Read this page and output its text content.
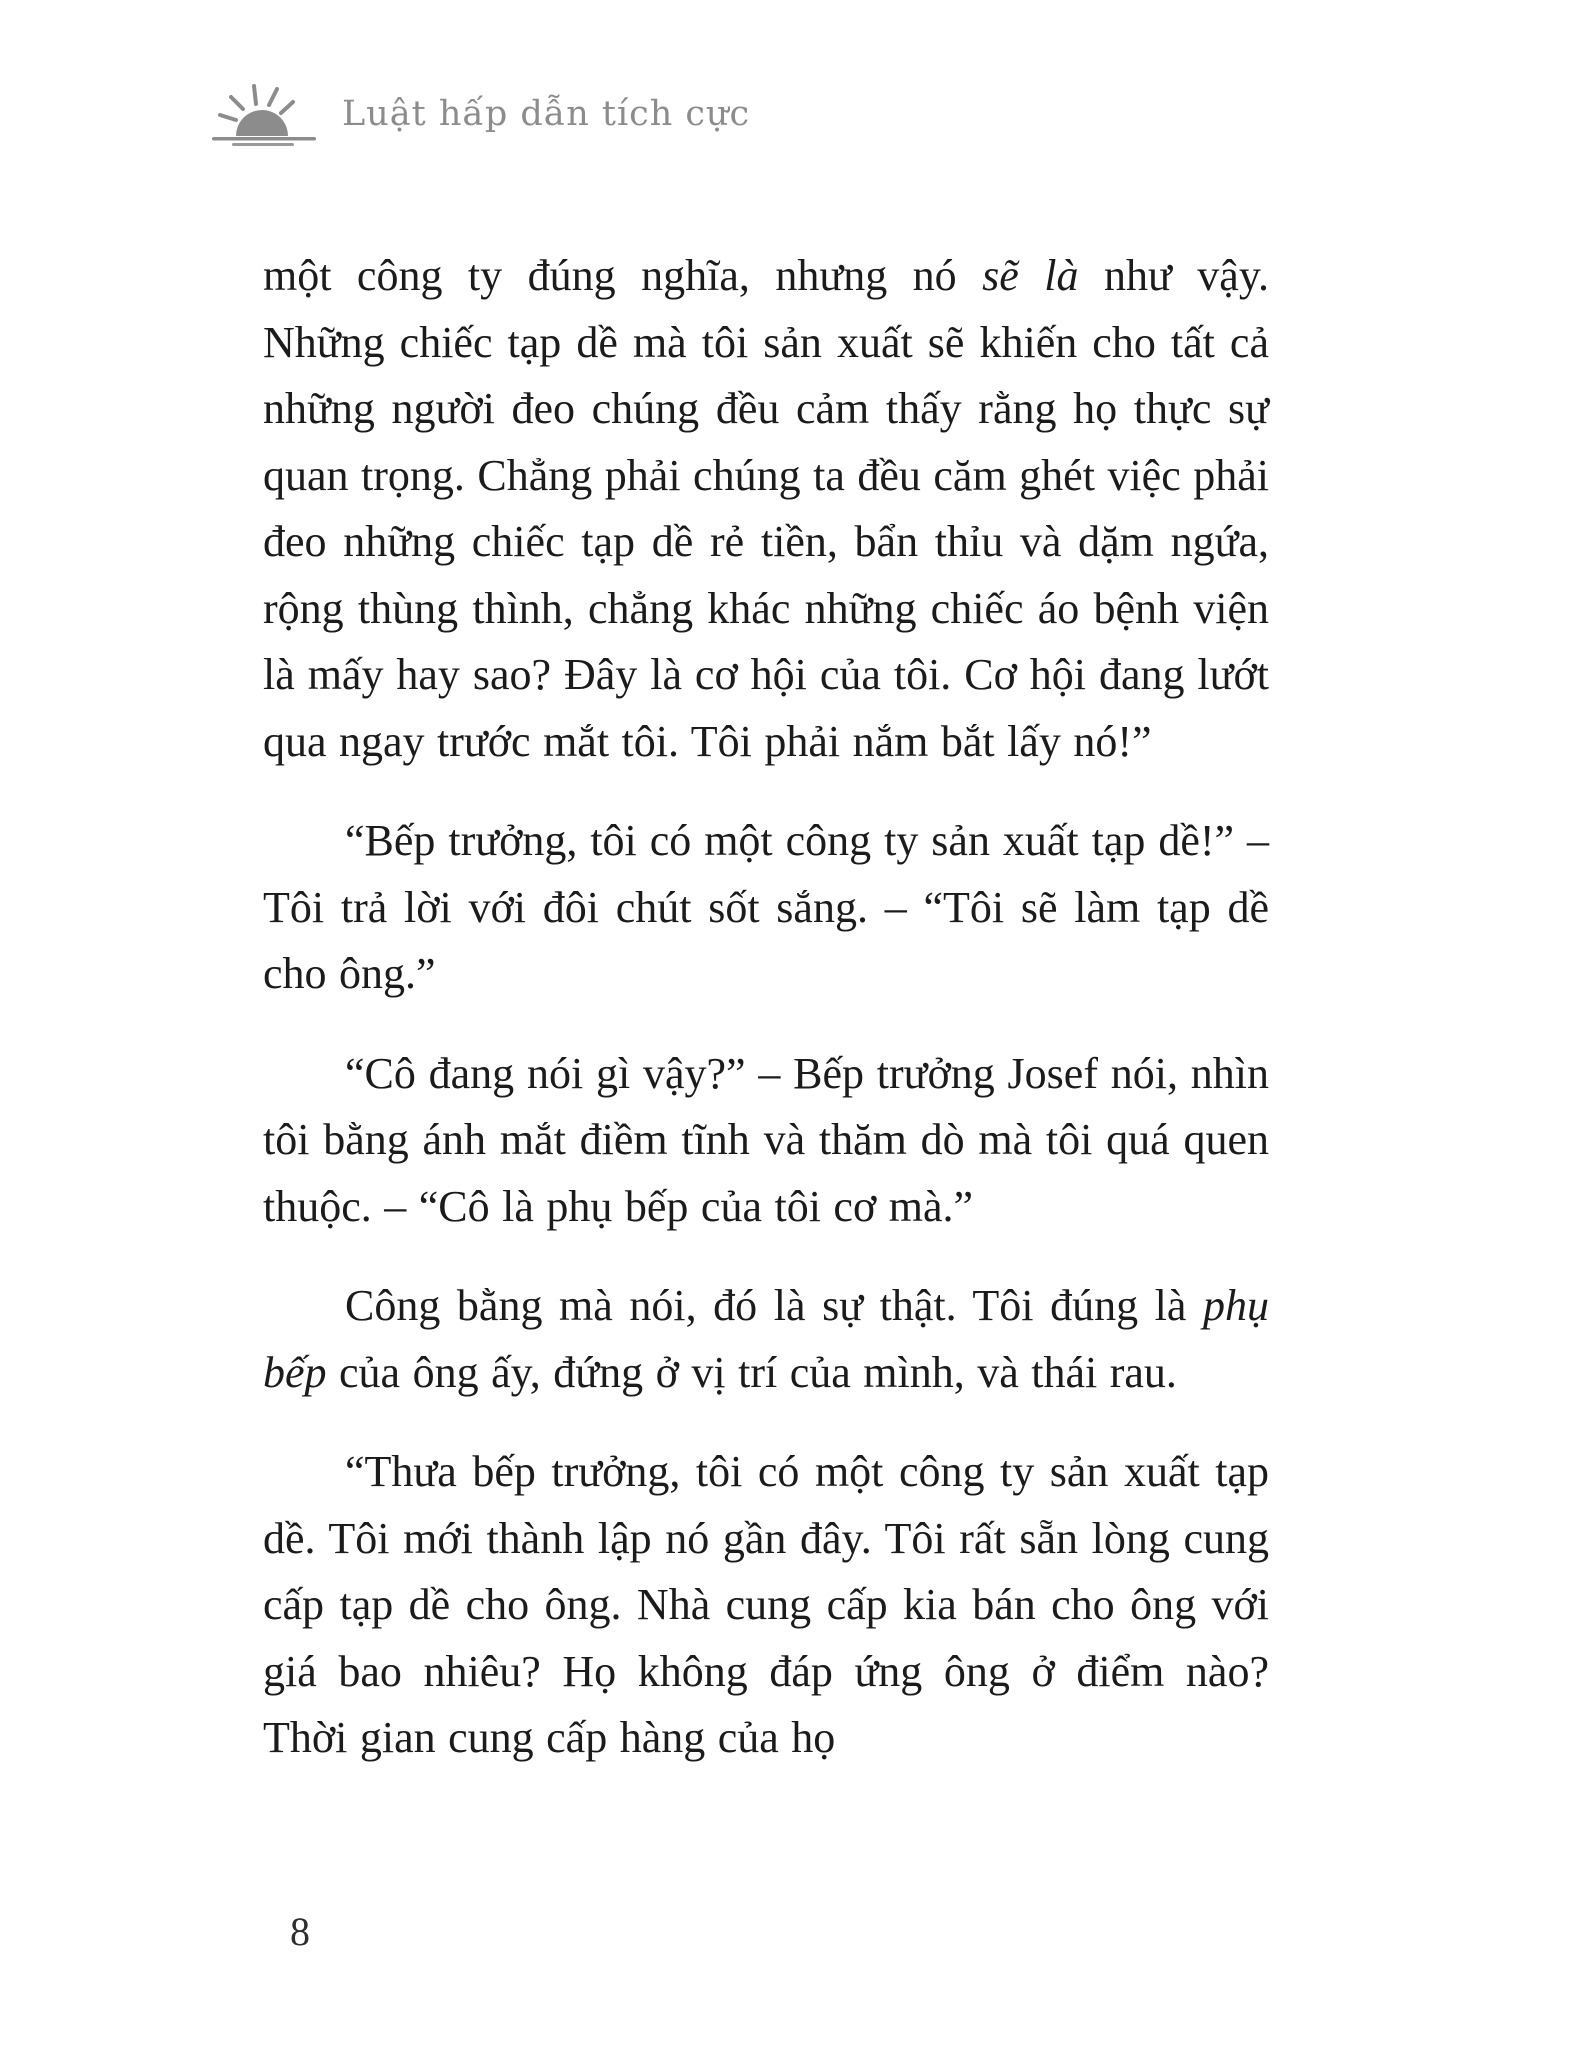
Luật hấp dẫn tích cực

một công ty đúng nghĩa, nhưng nó sẽ là như vậy. Những chiếc tạp dề mà tôi sản xuất sẽ khiến cho tất cả những người đeo chúng đều cảm thấy rằng họ thực sự quan trọng. Chẳng phải chúng ta đều căm ghét việc phải đeo những chiếc tạp dề rẻ tiền, bẩn thỉu và dặm ngứa, rộng thùng thình, chẳng khác những chiếc áo bệnh viện là mấy hay sao? Đây là cơ hội của tôi. Cơ hội đang lướt qua ngay trước mắt tôi. Tôi phải nắm bắt lấy nó!”

“Bếp trưởng, tôi có một công ty sản xuất tạp dề!” – Tôi trả lời với đôi chút sốt sắng. – “Tôi sẽ làm tạp dề cho ông.”

“Cô đang nói gì vậy?” – Bếp trưởng Josef nói, nhìn tôi bằng ánh mắt điềm tĩnh và thăm dò mà tôi quá quen thuộc. – “Cô là phụ bếp của tôi cơ mà.”

Công bằng mà nói, đó là sự thật. Tôi đúng là phụ bếp của ông ấy, đứng ở vị trí của mình, và thái rau.

“Thưa bếp trưởng, tôi có một công ty sản xuất tạp dề. Tôi mới thành lập nó gần đây. Tôi rất sẵn lòng cung cấp tạp dề cho ông. Nhà cung cấp kia bán cho ông với giá bao nhiêu? Họ không đáp ứng ông ở điểm nào? Thời gian cung cấp hàng của họ

8
